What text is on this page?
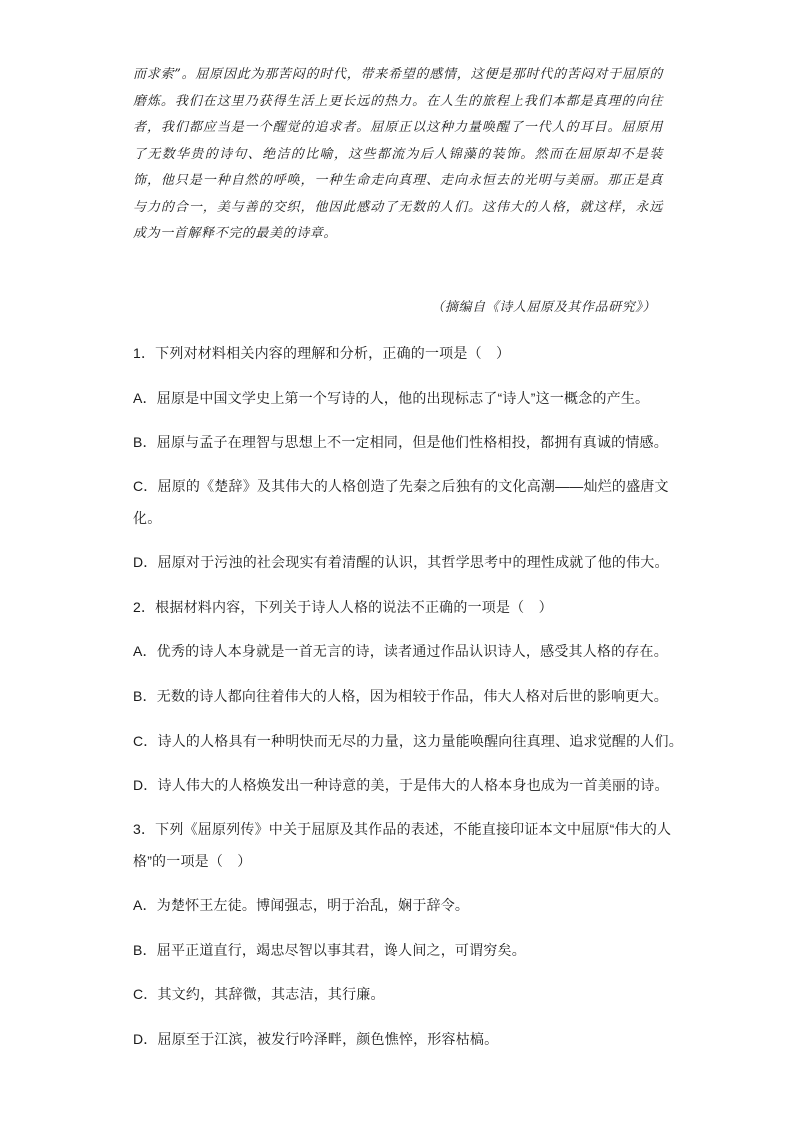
而求索”。屈原因此为那苦闷的时代，带来希望的感情，这便是那时代的苦闷对于屈原的磨炼。我们在这里乃获得生活上更长远的热力。在人生的旅程上我们本都是真理的向往者，我们都应当是一个醒觉的追求者。屈原正以这种力量唤醒了一代人的耳目。屈原用了无数华贵的诗句、绝洁的比喻，这些都流为后人锦藻的装饰。然而在屈原却不是装饰，他只是一种自然的呼唤，一种生命走向真理、走向永恒去的光明与美丽。那正是真与力的合一，美与善的交织，他因此感动了无数的人们。这伟大的人格，就这样，永远成为一首解释不完的最美的诗章。
（摘编自《诗人屈原及其作品研究》）
1．下列对材料相关内容的理解和分析，正确的一项是（　）
A．屈原是中国文学史上第一个写诗的人，他的出现标志了“诗人”这一概念的产生。
B．屈原与孟子在理智与思想上不一定相同，但是他们性格相投，都拥有真诚的情感。
C．屈原的《楚辞》及其伟大的人格创造了先秦之后独有的文化高潮——灿烂的盛唐文化。
D．屈原对于污浊的社会现实有着清醒的认识，其哲学思考中的理性成就了他的伟大。
2．根据材料内容，下列关于诗人人格的说法不正确的一项是（　）
A．优秀的诗人本身就是一首无言的诗，读者通过作品认识诗人，感受其人格的存在。
B．无数的诗人都向往着伟大的人格，因为相较于作品，伟大人格对后世的影响更大。
C．诗人的人格具有一种明快而无尽的力量，这力量能唤醒向往真理、追求觉醒的人们。
D．诗人伟大的人格焕发出一种诗意的美，于是伟大的人格本身也成为一首美丽的诗。
3．下列《屈原列传》中关于屈原及其作品的表述，不能直接印证本文中屈原“伟大的人格”的一项是（　）
A．为楚怀王左徒。博闻强志，明于治乱，娴于辞令。
B．屈平正道直行，竭忠尽智以事其君，谗人间之，可谓穷矣。
C．其文约，其辞微，其志洁，其行廉。
D．屈原至于江滨，被发行吟泽畔，颜色憔悴，形容枯槁。
